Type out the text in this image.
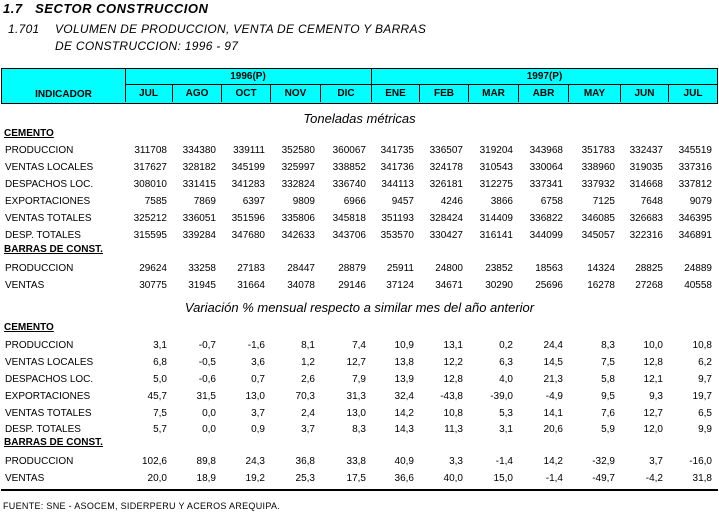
1.7 SECTOR CONSTRUCCION
1.701 VOLUMEN DE PRODUCCION, VENTA DE CEMENTO Y BARRAS
DE CONSTRUCCION: 1996 - 97
INDICADOR
1996(P)
JUL	AGO	OCT	NOV	DIC
1997(P)
ENE	FEB	MAR	ABR	MAY	JUN	JUL
Toneladas métricas
CEMENTO
PRODUCCION	311708	334380	339111	352580	360067	341735	336507	319204	343968	351783	332437	345519
VENTAS LOCALES	317627	328182	345199	325997	338852	341736	324178	310543	330064	338960	319035	337316
DESPACHOS LOC.	308010	331415	341283	332824	336740	344113	326181	312275	337341	337932	314668	337812
EXPORTACIONES	7585	7869	6397	9809	6966	9457	4246	3866	6758	7125	7648	9079
VENTAS TOTALES	325212	336051	351596	335806	345818	351193	328424	314409	336822	346085	326683	346395
DESP. TOTALES	315595	339284	347680	342633	343706	353570	330427	316141	344099	345057	322316	346891
BARRAS DE CONST.
PRODUCCION	29624	33258	27183	28447	28879	25911	24800	23852	18563	14324	28825	24889
VENTAS	30775	31945	31664	34078	29146	37124	34671	30290	25696	16278	27268	40558
Variación % mensual respecto a similar mes del año anterior
CEMENTO
PRODUCCION	3,1	-0,7	-1,6	8,1	7,4	10,9	13,1	0,2	24,4	8,3	10,0	10,8
VENTAS LOCALES	6,8	-0,5	3,6	1,2	12,7	13,8	12,2	6,3	14,5	7,5	12,8	6,2
DESPACHOS LOC.	5,0	-0,6	0,7	2,6	7,9	13,9	12,8	4,0	21,3	5,8	12,1	9,7
EXPORTACIONES	45,7	31,5	13,0	70,3	31,3	32,4	-43,8	-39,0	-4,9	9,5	9,3	19,7
VENTAS TOTALES	7,5	0,0	3,7	2,4	13,0	14,2	10,8	5,3	14,1	7,6	12,7	6,5
DESP. TOTALES	5,7	0,0	0,9	3,7	8,3	14,3	11,3	3,1	20,6	5,9	12,0	9,9
BARRAS DE CONST.
PRODUCCION	102,6	89,8	24,3	36,8	33,8	40,9	3,3	-1,4	14,2	-32,9	3,7	-16,0
VENTAS	20,0	18,9	19,2	25,3	17,5	36,6	40,0	15,0	-1,4	-49,7	-4,2	31,8
FUENTE: SNE - ASOCEM, SIDERPERU Y ACEROS AREQUIPA.
